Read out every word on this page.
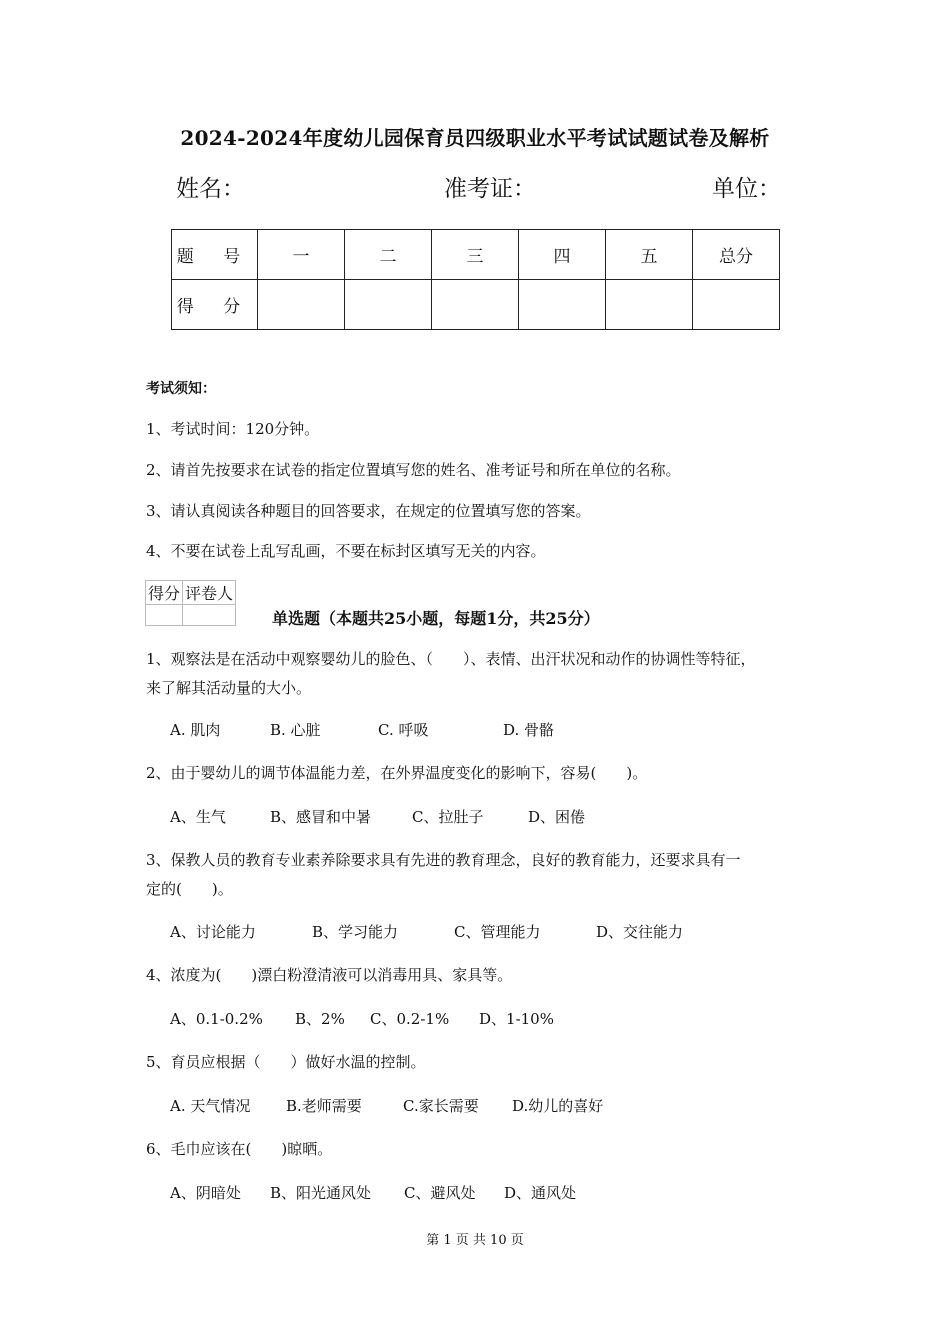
2024-2024年度幼儿园保育员四级职业水平考试试题试卷及解析
姓名：	准考证：	单位：
题 号	一	二	三	四	五	总分
得 分						
考试须知：
1、考试时间：120分钟。
2、请首先按要求在试卷的指定位置填写您的姓名、准考证号和所在单位的名称。
3、请认真阅读各种题目的回答要求，在规定的位置填写您的答案。
4、不要在试卷上乱写乱画，不要在标封区填写无关的内容。
得分	评卷人

单选题（本题共25小题，每题1分，共25分）
1、观察法是在活动中观察婴幼儿的脸色、（　　）、表情、出汗状况和动作的协调性等特征，
来了解其活动量的大小。
A. 肌肉	B. 心脏	C. 呼吸	D. 骨骼
2、由于婴幼儿的调节体温能力差，在外界温度变化的影响下，容易(　　)。
A、生气	B、感冒和中暑	C、拉肚子	D、困倦
3、保教人员的教育专业素养除要求具有先进的教育理念，良好的教育能力，还要求具有一
定的(　　)。
A、讨论能力	B、学习能力	C、管理能力	D、交往能力
4、浓度为(　　)漂白粉澄清液可以消毒用具、家具等。
A、0.1-0.2% B、2% C、0.2-1% D、1-10%
5、育员应根据（　　）做好水温的控制。
A. 天气情况 B.老师需要	C.家长需要 D.幼儿的喜好
6、毛巾应该在(　　)晾晒。
A、阴暗处 B、阳光通风处 C、避风处 D、通风处
第 1 页 共 10 页
